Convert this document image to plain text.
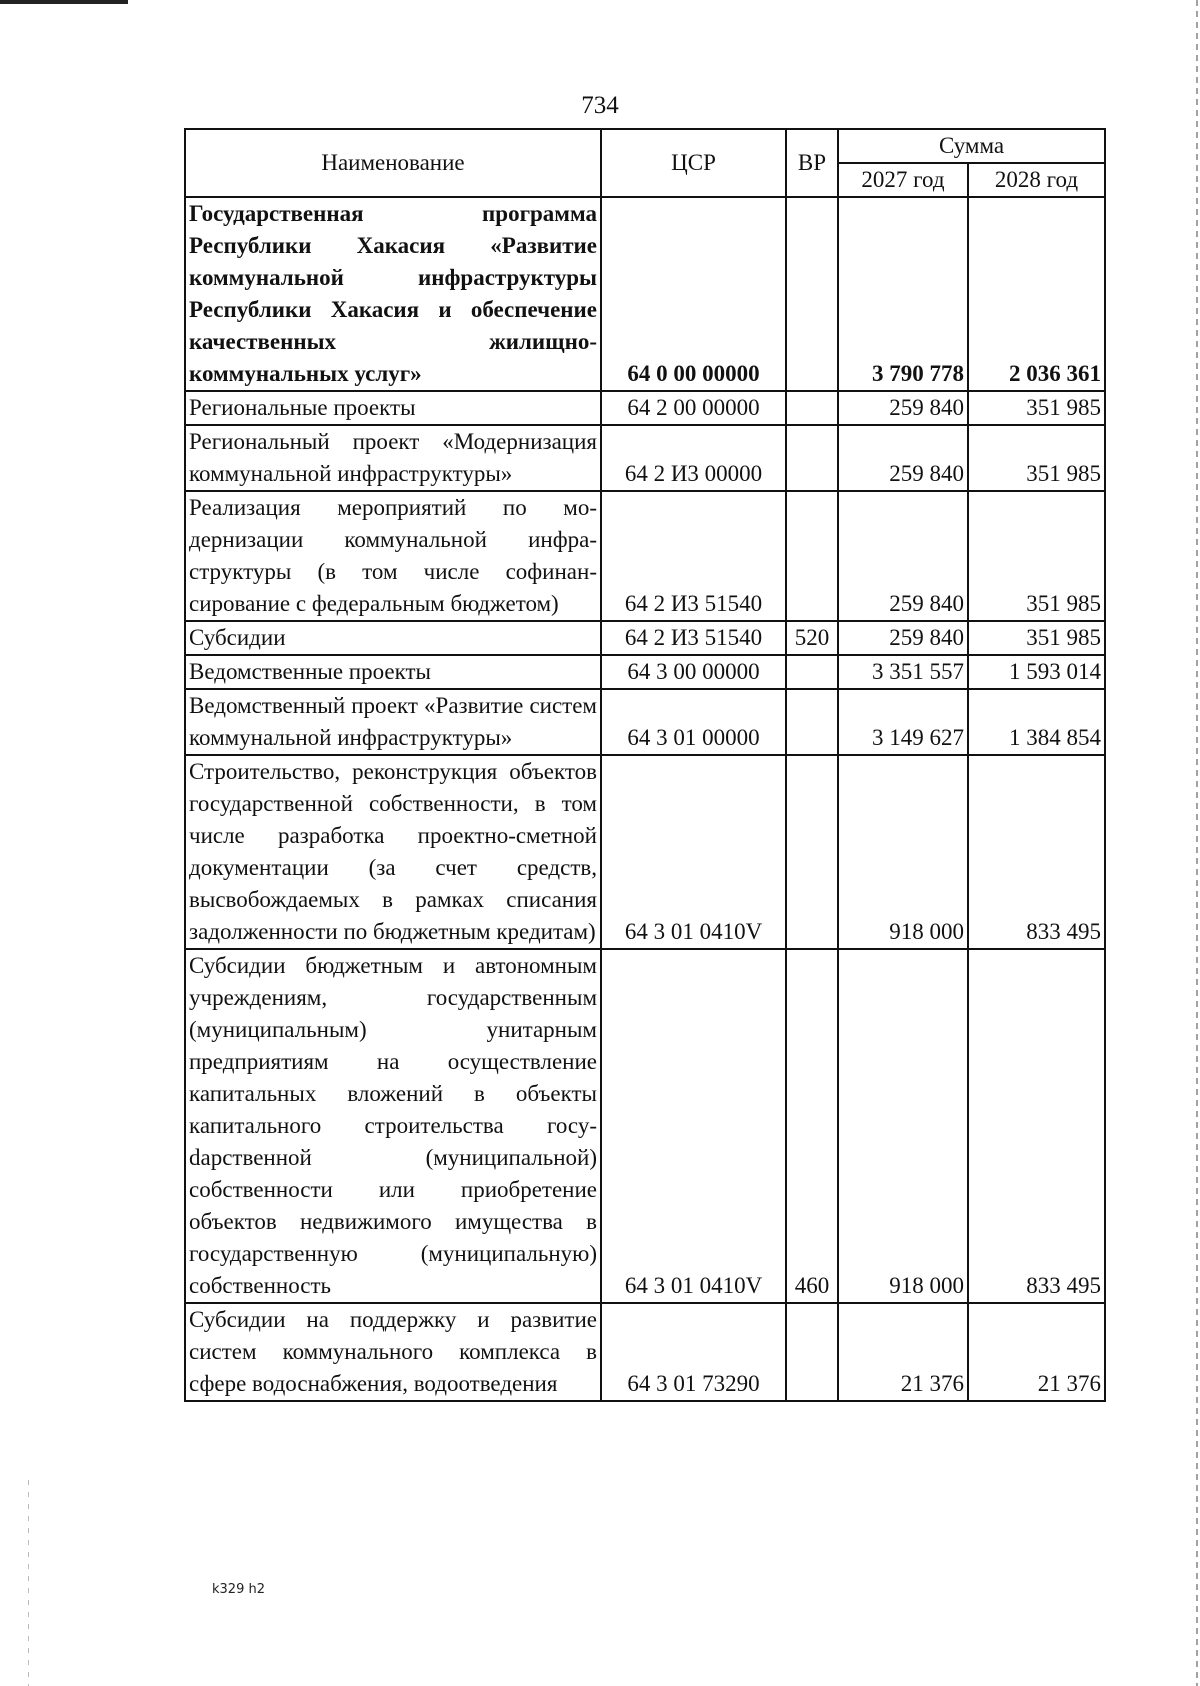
734
Наименование	ЦСР	ВР	Сумма	
			2027 год	2028 год
Государственная программа Республики Хакасия «Развитие коммунальной инфраструктуры Республики Хакасия и обеспечение качественных жилищно-коммунальных услуг»	64 0 00 00000		3 790 778	2 036 361
Региональные проекты	64 2 00 00000		259 840	351 985
Региональный проект «Модернизация коммунальной инфраструктуры»	64 2 И3 00000		259 840	351 985
Реализация мероприятий по модернизации коммунальной инфраструктуры (в том числе софинансирование с федеральным бюджетом)	64 2 И3 51540		259 840	351 985
Субсидии	64 2 И3 51540	520	259 840	351 985
Ведомственные проекты	64 3 00 00000		3 351 557	1 593 014
Ведомственный проект «Развитие систем коммунальной инфраструктуры»	64 3 01 00000		3 149 627	1 384 854
Строительство, реконструкция объектов государственной собственности, в том числе разработка проектно-сметной документации (за счет средств, высвобождаемых в рамках списания задолженности по бюджетным кредитам)	64 3 01 0410V		918 000	833 495
Субсидии бюджетным и автономным учреждениям, государственным (муниципальным) унитарным предприятиям на осуществление капитальных вложений в объекты капитального строительства госуdарственной (муниципальной) собственности или приобретение объектов недвижимого имущества в государственную (муниципальную) собственность	64 3 01 0410V	460	918 000	833 495
Субсидии на поддержку и развитие систем коммунального комплекса в сфере водоснабжения, водоотведения	64 3 01 73290		21 376	21 376
k329 h2
